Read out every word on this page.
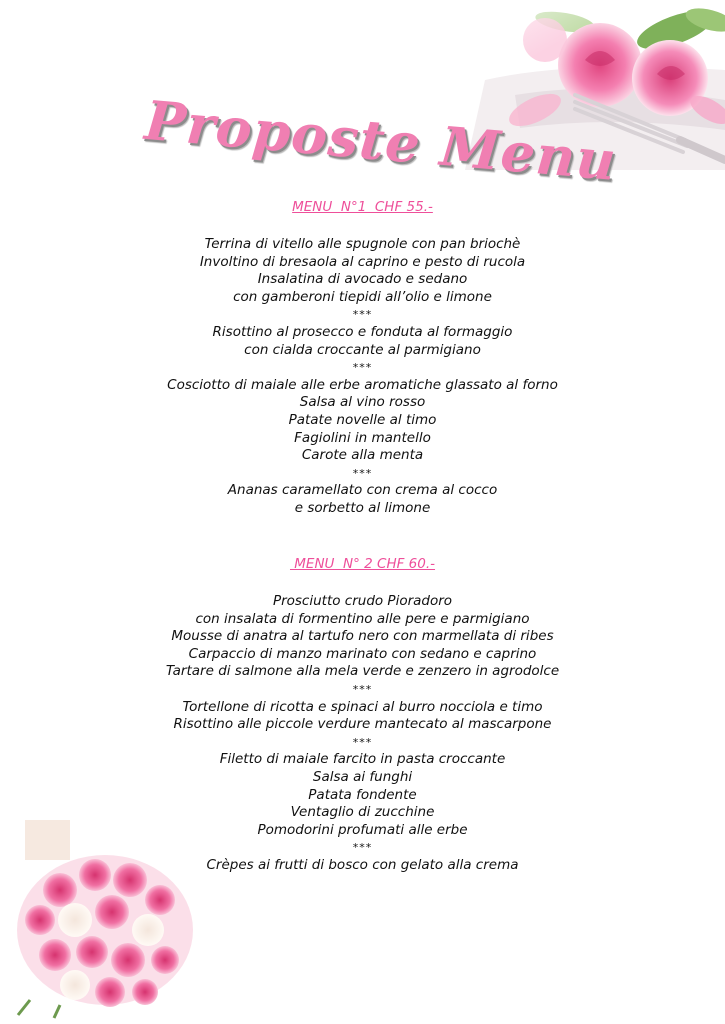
Proposte Menu
MENU  N°1  CHF 55.-
Terrina di vitello alle spugnole con pan briochè
Involtino di bresaola al caprino e pesto di rucola
Insalatina di avocado e sedano
con gamberoni tiepidi all’olio e limone
***
Risottino al prosecco e fonduta al formaggio
con cialda croccante al parmigiano
***
Cosciotto di maiale alle erbe aromatiche glassato al forno
Salsa al vino rosso
Patate novelle al timo
Fagiolini in mantello
Carote alla menta
***
Ananas caramellato con crema al cocco
e sorbetto al limone
MENU  N° 2 CHF 60.-
Prosciutto crudo Pioradoro
con insalata di formentino alle pere e parmigiano
Mousse di anatra al tartufo nero con marmellata di ribes
Carpaccio di manzo marinato con sedano e caprino
Tartare di salmone alla mela verde e zenzero in agrodolce
***
Tortellone di ricotta e spinaci al burro nocciola e timo
Risottino alle piccole verdure mantecato al mascarpone
***
Filetto di maiale farcito in pasta croccante
Salsa ai funghi
Patata fondente
Ventaglio di zucchine
Pomodorini profumati alle erbe
***
Crèpes ai frutti di bosco con gelato alla crema
